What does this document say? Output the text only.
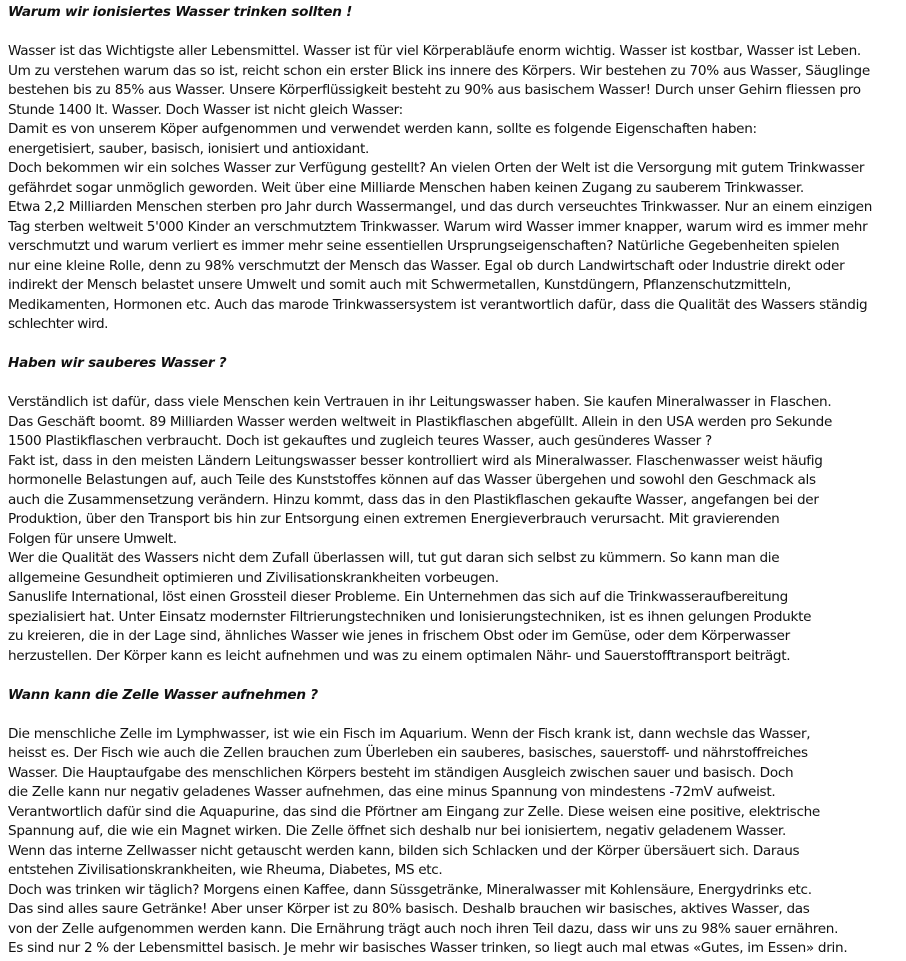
Warum wir ionisiertes Wasser trinken sollten !
Wasser ist das Wichtigste aller Lebensmittel. Wasser ist für viel Körperabläufe enorm wichtig. Wasser ist kostbar, Wasser ist Leben.
Um zu verstehen warum das so ist, reicht schon ein erster Blick ins innere des Körpers. Wir bestehen zu 70% aus Wasser, Säuglinge
bestehen bis zu 85% aus Wasser. Unsere Körperflüssigkeit besteht zu 90% aus basischem Wasser! Durch unser Gehirn fliessen pro
Stunde 1400 lt. Wasser. Doch Wasser ist nicht gleich Wasser:
Damit es von unserem Köper aufgenommen und verwendet werden kann, sollte es folgende Eigenschaften haben:
energetisiert, sauber, basisch, ionisiert und antioxidant.
Doch bekommen wir ein solches Wasser zur Verfügung gestellt? An vielen Orten der Welt ist die Versorgung mit gutem Trinkwasser
gefährdet sogar unmöglich geworden. Weit über eine Milliarde Menschen haben keinen Zugang zu sauberem Trinkwasser.
Etwa 2,2 Milliarden Menschen sterben pro Jahr durch Wassermangel, und das durch verseuchtes Trinkwasser. Nur an einem einzigen
Tag sterben weltweit 5'000 Kinder an verschmutztem Trinkwasser. Warum wird Wasser immer knapper, warum wird es immer mehr
verschmutzt und warum verliert es immer mehr seine essentiellen Ursprungseigenschaften? Natürliche Gegebenheiten spielen
nur eine kleine Rolle, denn zu 98% verschmutzt der Mensch das Wasser. Egal ob durch Landwirtschaft oder Industrie direkt oder
indirekt der Mensch belastet unsere Umwelt und somit auch mit Schwermetallen, Kunstdüngern, Pflanzenschutzmitteln,
Medikamenten, Hormonen etc. Auch das marode Trinkwassersystem ist verantwortlich dafür, dass die Qualität des Wassers ständig
schlechter wird.
Haben wir sauberes Wasser ?
Verständlich ist dafür, dass viele Menschen kein Vertrauen in ihr Leitungswasser haben. Sie kaufen Mineralwasser in Flaschen.
Das Geschäft boomt. 89 Milliarden Wasser werden weltweit in Plastikflaschen abgefüllt. Allein in den USA werden pro Sekunde
1500 Plastikflaschen verbraucht. Doch ist gekauftes und zugleich teures Wasser, auch gesünderes Wasser ?
Fakt ist, dass in den meisten Ländern Leitungswasser besser kontrolliert wird als Mineralwasser. Flaschenwasser weist häufig
hormonelle Belastungen auf, auch Teile des Kunststoffes können auf das Wasser übergehen und sowohl den Geschmack als
auch die Zusammensetzung verändern. Hinzu kommt, dass das in den Plastikflaschen gekaufte Wasser, angefangen bei der
Produktion, über den Transport bis hin zur Entsorgung einen extremen Energieverbrauch verursacht. Mit gravierenden
Folgen für unsere Umwelt.
Wer die Qualität des Wassers nicht dem Zufall überlassen will, tut gut daran sich selbst zu kümmern. So kann man die
allgemeine Gesundheit optimieren und Zivilisationskrankheiten vorbeugen.
Sanuslife International, löst einen Grossteil dieser Probleme. Ein Unternehmen das sich auf die Trinkwasseraufbereitung
spezialisiert hat. Unter Einsatz modernster Filtrierungstechniken und Ionisierungstechniken, ist es ihnen gelungen Produkte
zu kreieren, die in der Lage sind, ähnliches Wasser wie jenes in frischem Obst oder im Gemüse, oder dem Körperwasser
herzustellen. Der Körper kann es leicht aufnehmen und was zu einem optimalen Nähr- und Sauerstofftransport beiträgt.
Wann kann die Zelle Wasser aufnehmen ?
Die menschliche Zelle im Lymphwasser, ist wie ein Fisch im Aquarium. Wenn der Fisch krank ist, dann wechsle das Wasser,
heisst es. Der Fisch wie auch die Zellen brauchen zum Überleben ein sauberes, basisches, sauerstoff- und nährstoffreiches
Wasser. Die Hauptaufgabe des menschlichen Körpers besteht im ständigen Ausgleich zwischen sauer und basisch. Doch
die Zelle kann nur negativ geladenes Wasser aufnehmen, das eine minus Spannung von mindestens -72mV aufweist.
Verantwortlich dafür sind die Aquapurine, das sind die Pförtner am Eingang zur Zelle. Diese weisen eine positive, elektrische
Spannung auf, die wie ein Magnet wirken. Die Zelle öffnet sich deshalb nur bei ionisiertem, negativ geladenem Wasser.
Wenn das interne Zellwasser nicht getauscht werden kann, bilden sich Schlacken und der Körper übersäuert sich. Daraus
entstehen Zivilisationskrankheiten, wie Rheuma, Diabetes, MS etc.
Doch was trinken wir täglich? Morgens einen Kaffee, dann Süssgetränke, Mineralwasser mit Kohlensäure, Energydrinks etc.
Das sind alles saure Getränke! Aber unser Körper ist zu 80% basisch. Deshalb brauchen wir basisches, aktives Wasser, das
von der Zelle aufgenommen werden kann. Die Ernährung trägt auch noch ihren Teil dazu, dass wir uns zu 98% sauer ernähren.
Es sind nur 2 % der Lebensmittel basisch. Je mehr wir basisches Wasser trinken, so liegt auch mal etwas «Gutes, im Essen» drin.
